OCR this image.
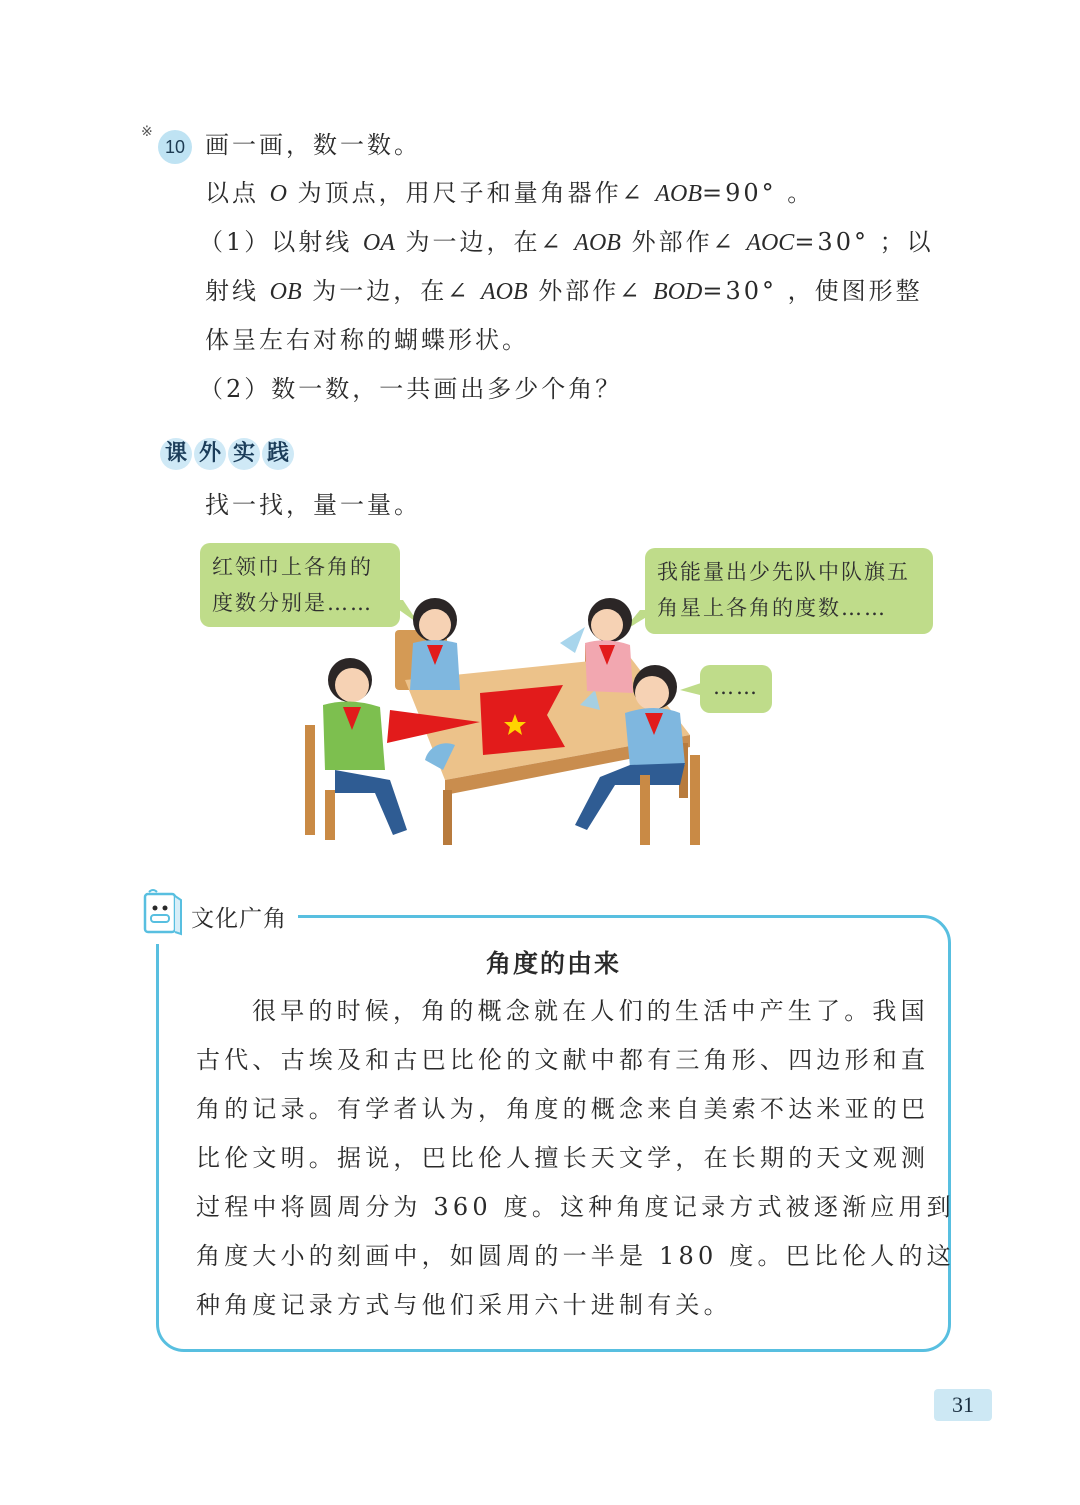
※
10 画一画，数一数。
以点 O 为顶点，用尺子和量角器作∠ AOB=90° 。
（1）以射线 OA 为一边，在∠ AOB 外部作∠ AOC=30° ；以
射线 OB 为一边，在∠ AOB 外部作∠ BOD=30° ，使图形整
体呈左右对称的蝴蝶形状。
（2）数一数，一共画出多少个角？
课 外 实 践
找一找，量一量。
红领巾上各角的
度数分别是……
我能量出少先队中队旗五
角星上各角的度数……
……
文化广角
角度的由来
很早的时候，角的概念就在人们的生活中产生了。我国
古代、古埃及和古巴比伦的文献中都有三角形、四边形和直
角的记录。有学者认为，角度的概念来自美索不达米亚的巴
比伦文明。据说，巴比伦人擅长天文学，在长期的天文观测
过程中将圆周分为 360 度。这种角度记录方式被逐渐应用到
角度大小的刻画中，如圆周的一半是 180 度。巴比伦人的这
种角度记录方式与他们采用六十进制有关。
31
